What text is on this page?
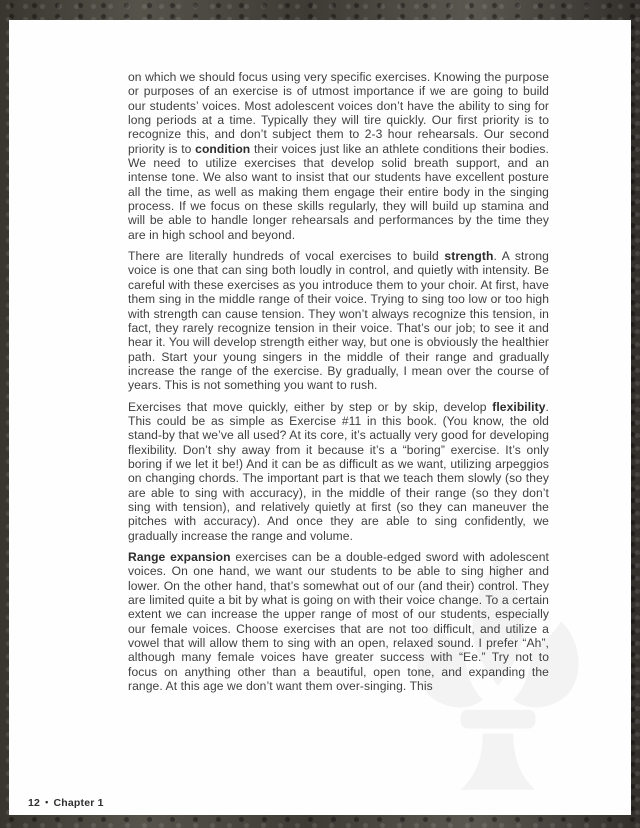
on which we should focus using very specific exercises. Knowing the purpose or purposes of an exercise is of utmost importance if we are going to build our students’ voices. Most adolescent voices don’t have the ability to sing for long periods at a time. Typically they will tire quickly. Our first priority is to recognize this, and don’t subject them to 2-3 hour rehearsals. Our second priority is to condition their voices just like an athlete conditions their bodies. We need to utilize exercises that develop solid breath support, and an intense tone. We also want to insist that our students have excellent posture all the time, as well as making them engage their entire body in the singing process. If we focus on these skills regularly, they will build up stamina and will be able to handle longer rehearsals and performances by the time they are in high school and beyond.

There are literally hundreds of vocal exercises to build strength. A strong voice is one that can sing both loudly in control, and quietly with intensity. Be careful with these exercises as you introduce them to your choir. At first, have them sing in the middle range of their voice. Trying to sing too low or too high with strength can cause tension. They won’t always recognize this tension, in fact, they rarely recognize tension in their voice. That’s our job; to see it and hear it. You will develop strength either way, but one is obviously the healthier path. Start your young singers in the middle of their range and gradually increase the range of the exercise. By gradually, I mean over the course of years. This is not something you want to rush.

Exercises that move quickly, either by step or by skip, develop flexibility. This could be as simple as Exercise #11 in this book. (You know, the old stand-by that we’ve all used? At its core, it’s actually very good for developing flexibility. Don’t shy away from it because it’s a “boring” exercise. It’s only boring if we let it be!) And it can be as difficult as we want, utilizing arpeggios on changing chords. The important part is that we teach them slowly (so they are able to sing with accuracy), in the middle of their range (so they don’t sing with tension), and relatively quietly at first (so they can maneuver the pitches with accuracy). And once they are able to sing confidently, we gradually increase the range and volume.

Range expansion exercises can be a double-edged sword with adolescent voices. On one hand, we want our students to be able to sing higher and lower. On the other hand, that’s somewhat out of our (and their) control. They are limited quite a bit by what is going on with their voice change. To a certain extent we can increase the upper range of most of our students, especially our female voices. Choose exercises that are not too difficult, and utilize a vowel that will allow them to sing with an open, relaxed sound. I prefer “Ah”, although many female voices have greater success with “Ee.” Try not to focus on anything other than a beautiful, open tone, and expanding the range. At this age we don’t want them over-singing. This

12 • Chapter 1
